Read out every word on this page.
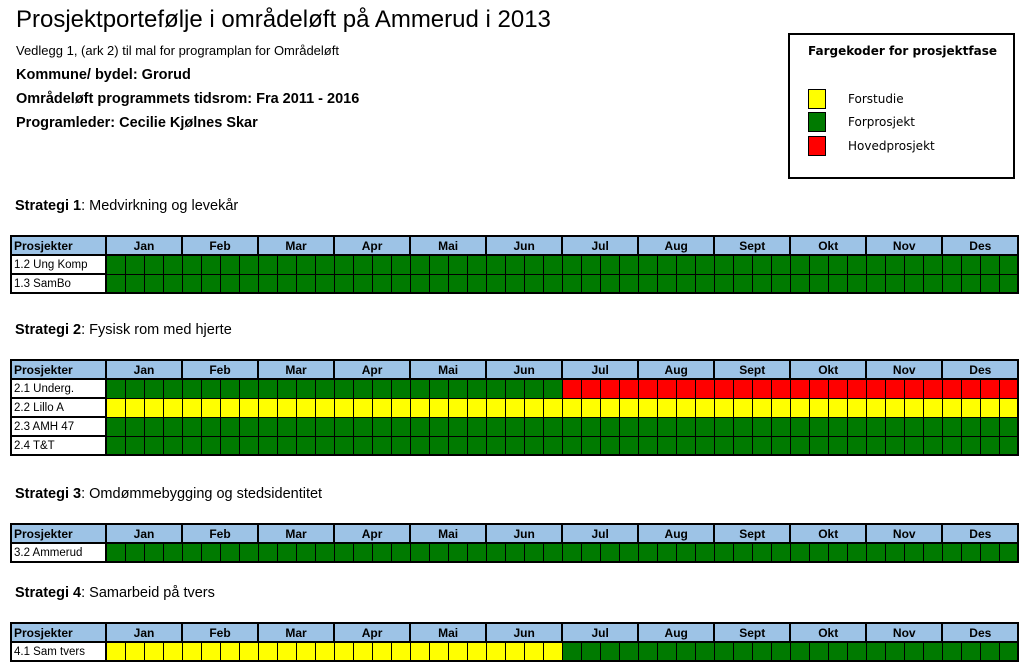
Prosjektportefølje i områdeløft på Ammerud i 2013
Vedlegg 1, (ark 2) til mal for programplan for Områdeløft
Kommune/ bydel: Grorud
Områdeløft programmets tidsrom: Fra 2011 - 2016
Programleder: Cecilie Kjølnes Skar
Fargekoder for prosjektfase
Forstudie
Forprosjekt
Hovedprosjekt
Strategi 1: Medvirkning og levekår
Prosjekter	Jan				Feb				Mar				Apr				Mai				Jun				Jul				Aug				Sept				Okt				Nov				Des			
1.2 Ung Komp																																																
1.3 SamBo																																																
Strategi 2: Fysisk rom med hjerte
Prosjekter	Jan				Feb				Mar				Apr				Mai				Jun				Jul				Aug				Sept				Okt				Nov				Des			
2.1 Underg.																																																
2.2 Lillo A																																																
2.3 AMH 47																																																
2.4 T&T																																																
Strategi 3: Omdømmebygging og stedsidentitet
Prosjekter	Jan				Feb				Mar				Apr				Mai				Jun				Jul				Aug				Sept				Okt				Nov				Des			
3.2 Ammerud																																																
Strategi 4: Samarbeid på tvers
Prosjekter	Jan				Feb				Mar				Apr				Mai				Jun				Jul				Aug				Sept				Okt				Nov				Des			
4.1 Sam tvers																																																
